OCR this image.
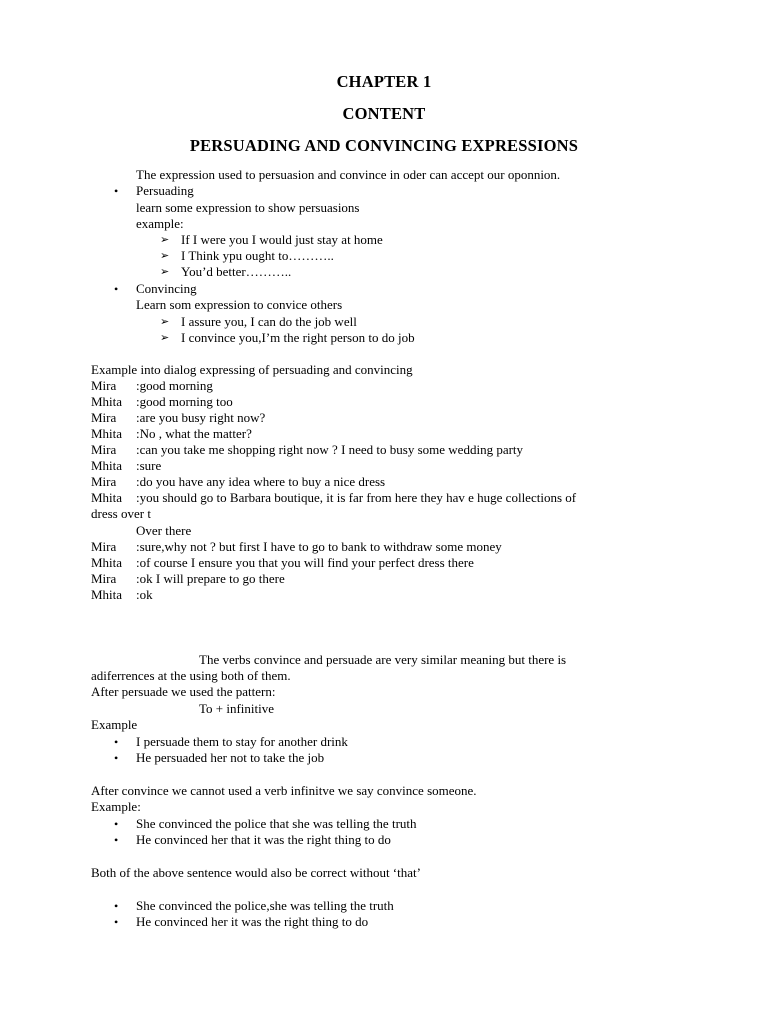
CHAPTER 1
CONTENT
PERSUADING AND CONVINCING EXPRESSIONS
The expression used to persuasion and convince in oder can accept our oponnion.
• Persuading
learn some expression to show persuasions
example:
➢ If I were you I would just stay at home
➢ I Think ypu ought to………..
➢ You’d better………..
• Convincing
Learn som expression to convice others
➢ I assure you, I can do the job well
➢ I convince you,I’m the right person to do job
Example into dialog expressing of persuading and convincing
Mira :good morning
Mhita :good morning too
Mira :are you busy right now?
Mhita :No , what the matter?
Mira :can you take me shopping right now ? I need to busy some wedding party
Mhita :sure
Mira :do you have any idea where to buy a nice dress
Mhita :you should go to Barbara boutique, it is far from here they hav e huge collections of
dress over t
Over there
Mira :sure,why not ? but first I have to go to bank to withdraw some money
Mhita :of course I ensure you that you will find your perfect dress there
Mira :ok I will prepare to go there
Mhita :ok
The verbs convince and persuade are very similar meaning but there is
adiferrences at the using both of them.
After persuade we used the pattern:
To + infinitive
Example
• I persuade them to stay for another drink
• He persuaded her not to take the job
After convince we cannot used a verb infinitve we say convince someone.
Example:
• She convinced the police that she was telling the truth
• He convinced her that it was the right thing to do
Both of the above sentence would also be correct without ‘that’
• She convinced the police,she was telling the truth
• He convinced her it was the right thing to do
